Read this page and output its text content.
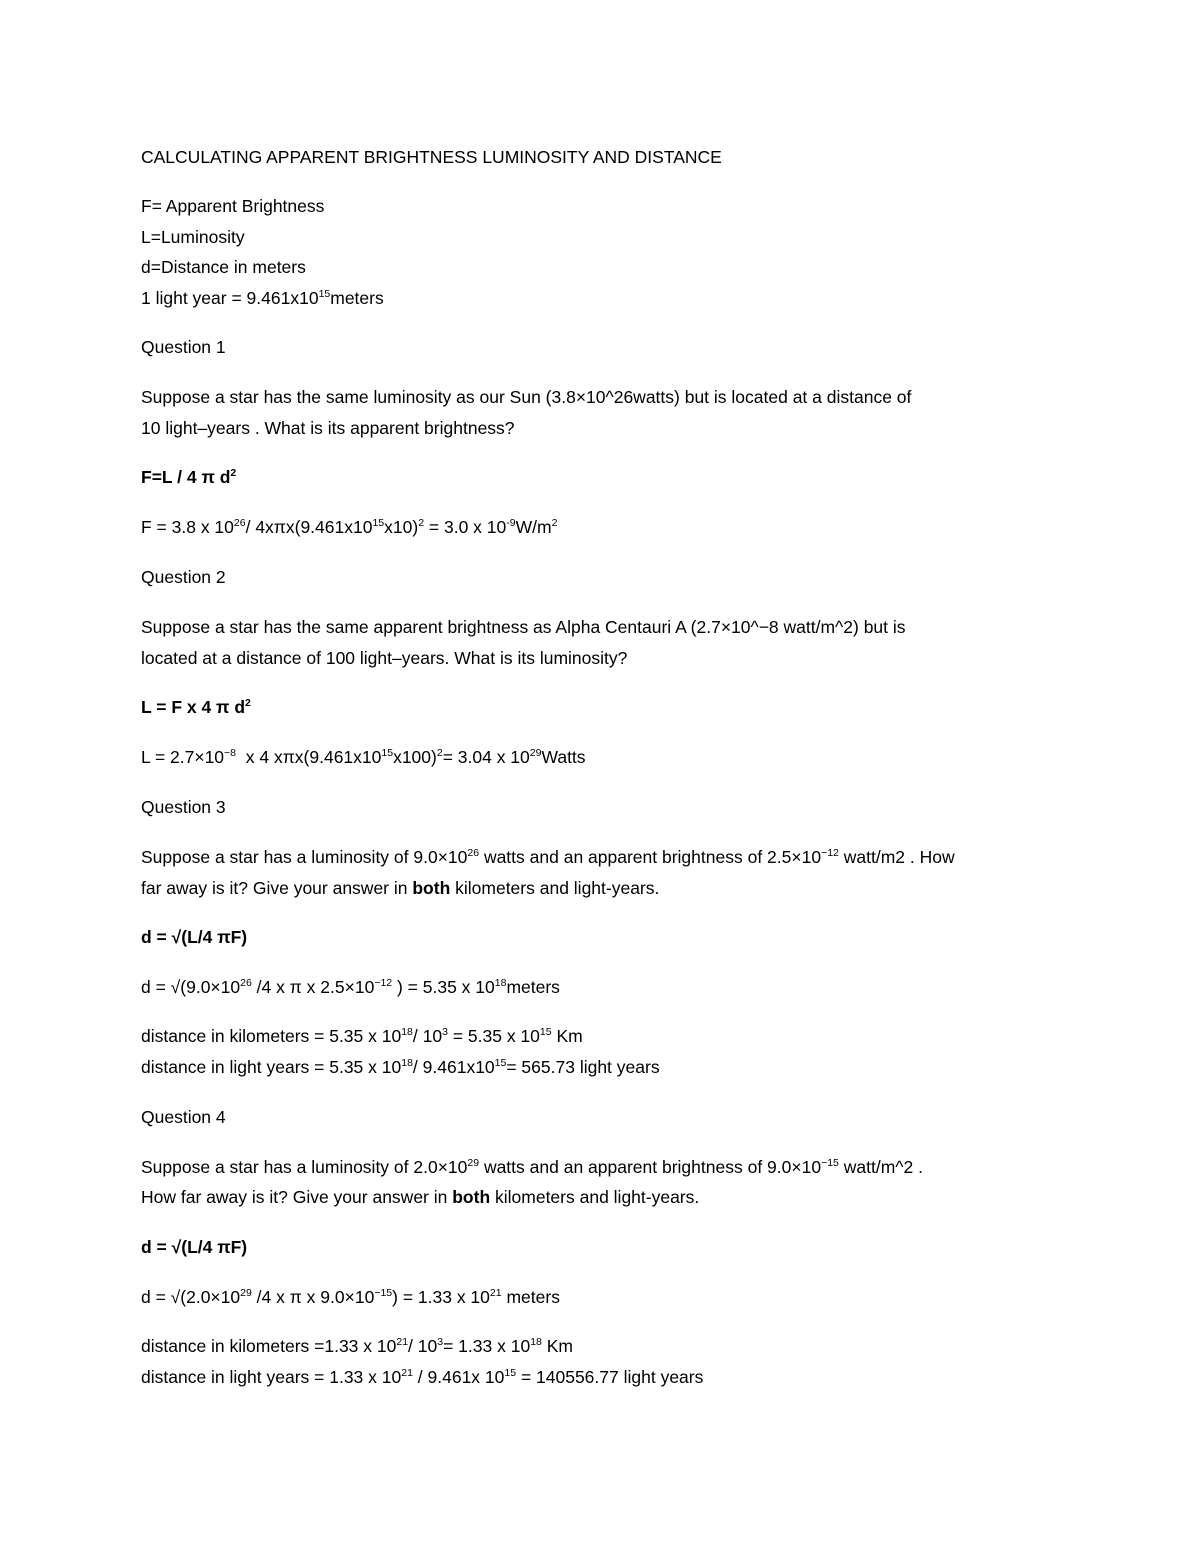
CALCULATING APPARENT BRIGHTNESS LUMINOSITY AND DISTANCE
F= Apparent Brightness
L=Luminosity
d=Distance in meters
1 light year = $9.461x10^{15}meters$
Question 1
Suppose a star has the same luminosity as our Sun (3.8×10^26watts) but is located at a distance of
10 light–years . What is its apparent brightness?
F=L / 4 π $d^2$
F = 3.8 x $10^{26}/$ $4x\pi x(9.461x10^{15}x10)^2 = 3.0$ x $10^{-9}W/m^2$
Question 2
Suppose a star has the same apparent brightness as Alpha Centauri A (2.7×10^−8 watt/m^2) but is
located at a distance of 100 light–years. What is its luminosity?
L = F x 4 π $d^2$
$L = 2.7\times 10^{-8}$  x 4 $x\pi x(9.461x10^{15}x100)^2= 3.04$ x $10^{29}Watts$
Question 3
Suppose a star has a luminosity of $9.0\times 10^{26}$ watts and an apparent brightness of $2.5\times 10^{-12}$ watt/m2 . How
far away is it? Give your answer in both kilometers and light-years.
d = √(L/4 πF)
$d = √(9.0\times 10^{26}$ /4 x π x $2.5\times 10^{-12}$ ) = 5.35 x $10^{18}meters$
distance in kilometers = 5.35 x $10^{18}/$ $10^3 = 5.35$ x $10^{15}$ Km
distance in light years = 5.35 x $10^{18}/$ $9.461x10^{15}= 565.73$ light years
Question 4
Suppose a star has a luminosity of $2.0\times 10^{29}$ watts and an apparent brightness of $9.0\times 10^{-15}$ watt/m^2 .
How far away is it? Give your answer in both kilometers and light-years.
d = √(L/4 πF)
$d = √(2.0\times 10^{29}$ /4 x π x $9.0\times 10^{-15}) = 1.33$ x $10^{21}$ meters
distance in kilometers =1.33 x $10^{21}/$ $10^3= 1.33$ x $10^{18}$ Km
distance in light years = 1.33 x $10^{21} / 9.461x$ $10^{15} = 140556.77$ light years
